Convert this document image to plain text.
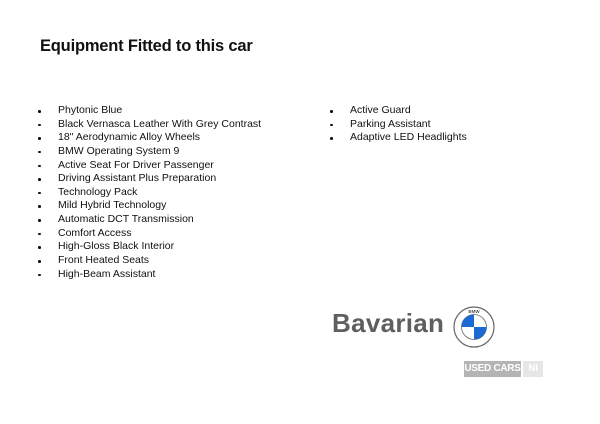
Equipment Fitted to this car
Phytonic Blue
Black Vernasca Leather With Grey Contrast
18" Aerodynamic Alloy Wheels
BMW Operating System 9
Active Seat For Driver Passenger
Driving Assistant Plus Preparation
Technology Pack
Mild Hybrid Technology
Automatic DCT Transmission
Comfort Access
High-Gloss Black Interior
Front Heated Seats
High-Beam Assistant
Active Guard
Parking Assistant
Adaptive LED Headlights
Bavarian	BMW
USED CARS NI
